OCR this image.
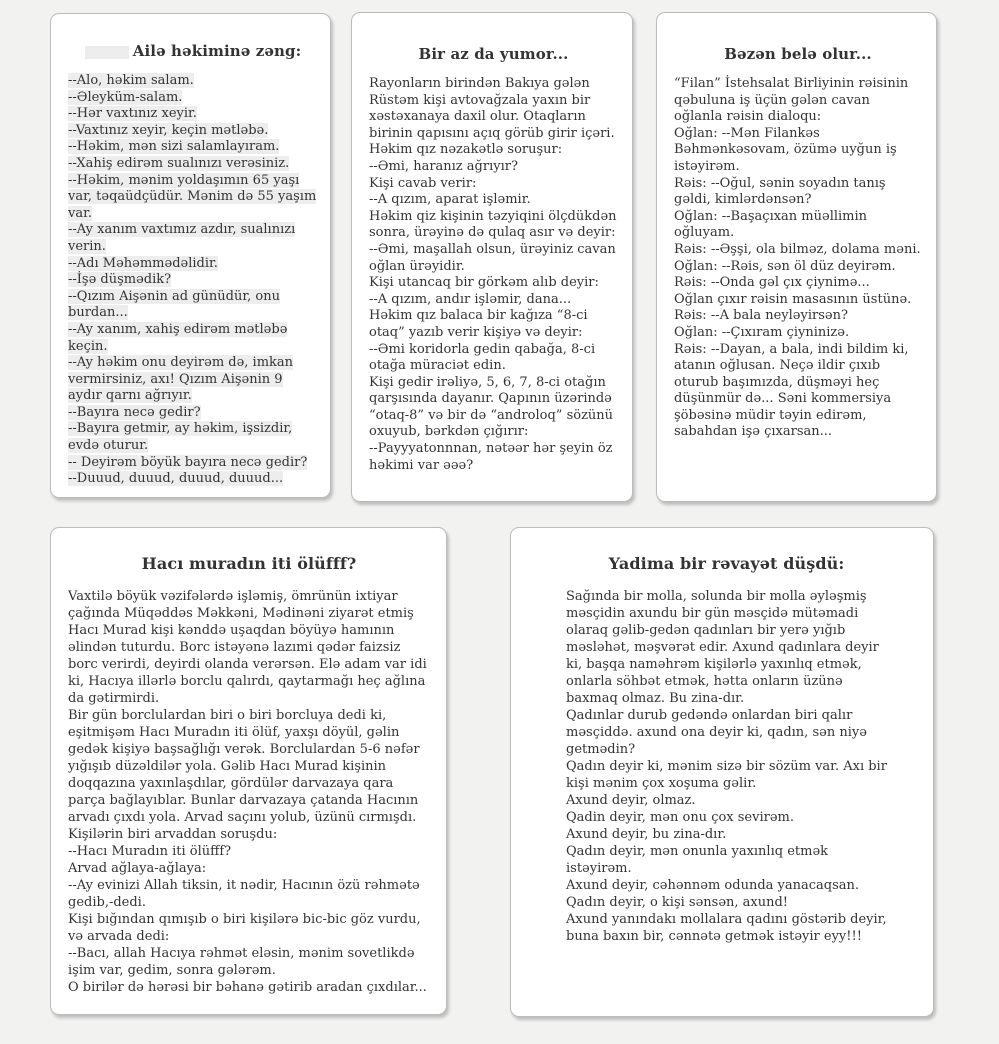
Ailə həkiminə zəng:
--Alo, həkim salam.
--Əleyküm-salam.
--Hər vaxtınız xeyir.
--Vaxtınız xeyir, keçin mətləbə.
--Həkim, mən sizi salamlayıram.
--Xahiş edirəm sualınızı verəsiniz.
--Həkim, mənim yoldaşımın 65 yaşı var, təqaüdçüdür. Mənim də 55 yaşım var.
--Ay xanım vaxtımız azdır, sualınızı verin.
--Adı Məhəmmədəlidir.
--İşə düşmədik?
--Qızım Aişənin ad günüdür, onu burdan...
--Ay xanım, xahiş edirəm mətləbə keçin.
--Ay həkim onu deyirəm də, imkan vermirsiniz, axı! Qızım Aişənin 9 aydır qarnı ağrıyır.
--Bayıra necə gedir?
--Bayıra getmir, ay həkim, işsizdir, evdə oturur.
-- Deyirəm böyük bayıra necə gedir?
--Duuud, duuud, duuud, duuud...
Bir az da yumor...
Rayonların birindən Bakıya gələn Rüstəm kişi avtovağzala yaxın bir xəstəxanaya daxil olur. Otaqların birinin qapısını açıq görüb girir içəri. Həkim qız nəzakətlə soruşur:
--Əmi, haranız ağrıyır?
Kişi cavab verir:
--A qızım, aparat işləmir.
Həkim qiz kişinin təzyiqini ölçdükdən sonra, ürəyinə də qulaq asır və deyir:
--Əmi, maşallah olsun, ürəyiniz cavan oğlan ürəyidir.
Kişi utancaq bir görkəm alıb deyir:
--A qızım, andır işləmir, dana...
Həkim qız balaca bir kağıza “8-ci otaq” yazıb verir kişiyə və deyir:
--Əmi koridorla gedin qabağa, 8-ci otağa müraciət edin.
Kişi gedir irəliyə, 5, 6, 7, 8-ci otağın qarşısında dayanır. Qapının üzərində “otaq-8” və bir də “androloq” sözünü oxuyub, bərkdən çığırır:
--Payyyatonnnan, nətəər hər şeyin öz həkimi var əəə?
Bəzən belə olur...
“Filan” İstehsalat Birliyinin rəisinin qəbuluna iş üçün gələn cavan oğlanla rəisin dialoqu:
Oğlan: --Mən Filankəs Bəhmənkəsovam, özümə uyğun iş istəyirəm.
Rəis: --Oğul, sənin soyadın tanış gəldi, kimlərdənsən?
Oğlan: --Başaçıxan müəllimin oğluyam.
Rəis: --Əşşi, ola bilməz, dolama məni.
Oğlan: --Rəis, sən öl düz deyirəm.
Rəis: --Onda gəl çıx çiynimə...
Oğlan çıxır rəisin masasının üstünə.
Rəis: --A bala neyləyirsən?
Oğlan: --Çıxıram çiyninizə.
Rəis: --Dayan, a bala, indi bildim ki, atanın oğlusan. Neçə ildir çıxıb oturub başımızda, düşməyi heç düşünmür də... Səni kommersiya şöbəsinə müdir təyin edirəm, sabahdan işə çıxarsan...
Hacı muradın iti ölüfff?
Vaxtilə böyük vəzifələrdə işləmiş, ömrünün ixtiyar çağında Müqəddəs Məkkəni, Mədinəni ziyarət etmiş Hacı Murad kişi kənddə uşaqdan böyüyə hamının əlindən tuturdu. Borc istəyənə lazımi qədər faizsiz borc verirdi, deyirdi olanda verərsən. Elə adam var idi ki, Hacıya illərlə borclu qalırdı, qaytarmağı heç ağlına da gətirmirdi.
Bir gün borclulardan biri o biri borcluya dedi ki, eşitmişəm Hacı Muradın iti ölüf, yaxşı döyül, gəlin gedək kişiyə başsağlığı verək. Borclulardan 5-6 nəfər yığışıb düzəldilər yola. Gəlib Hacı Murad kişinin doqqazına yaxınlaşdılar, gördülər darvazaya qara parça bağlayıblar. Bunlar darvazaya çatanda Hacının arvadı çıxdı yola. Arvad saçını yolub, üzünü cırmışdı. Kişilərin biri arvaddan soruşdu:
--Hacı Muradın iti ölüfff?
Arvad ağlaya-ağlaya:
--Ay evinizi Allah tiksin, it nədir, Hacının özü rəhmətə gedib,-dedi.
Kişi bığından qımışıb o biri kişilərə bic-bic göz vurdu, və arvada dedi:
--Bacı, allah Hacıya rəhmət eləsin, mənim sovetlikdə işim var, gedim, sonra gələrəm.
O birilər də hərəsi bir bəhanə gətirib aradan çıxdılar...
Yadima bir rəvayət düşdü:
Sağında bir molla, solunda bir molla əyləşmiş məsçidin axundu bir gün məsçidə mütəmadi olaraq gəlib-gedən qadınları bir yerə yığıb məsləhət, məşvərət edir. Axund qadınlara deyir ki, başqa naməhrəm kişilərlə yaxınlıq etmək, onlarla söhbət etmək, hətta onların üzünə baxmaq olmaz. Bu zina-dır.
Qadınlar durub gedəndə onlardan biri qalır məsçiddə. axund ona deyir ki, qadın, sən niyə getmədin?
Qadın deyir ki, mənim sizə bir sözüm var. Axı bir kişi mənim çox xoşuma gəlir.
Axund deyir, olmaz.
Qadin deyir, mən onu çox sevirəm.
Axund deyir, bu zina-dır.
Qadın deyir, mən onunla yaxınlıq etmək istəyirəm.
Axund deyir, cəhənnəm odunda yanacaqsan.
Qadın deyir, o kişi sənsən, axund!
Axund yanındakı mollalara qadını göstərib deyir, buna baxın bir, cənnətə getmək istəyir eyy!!!
